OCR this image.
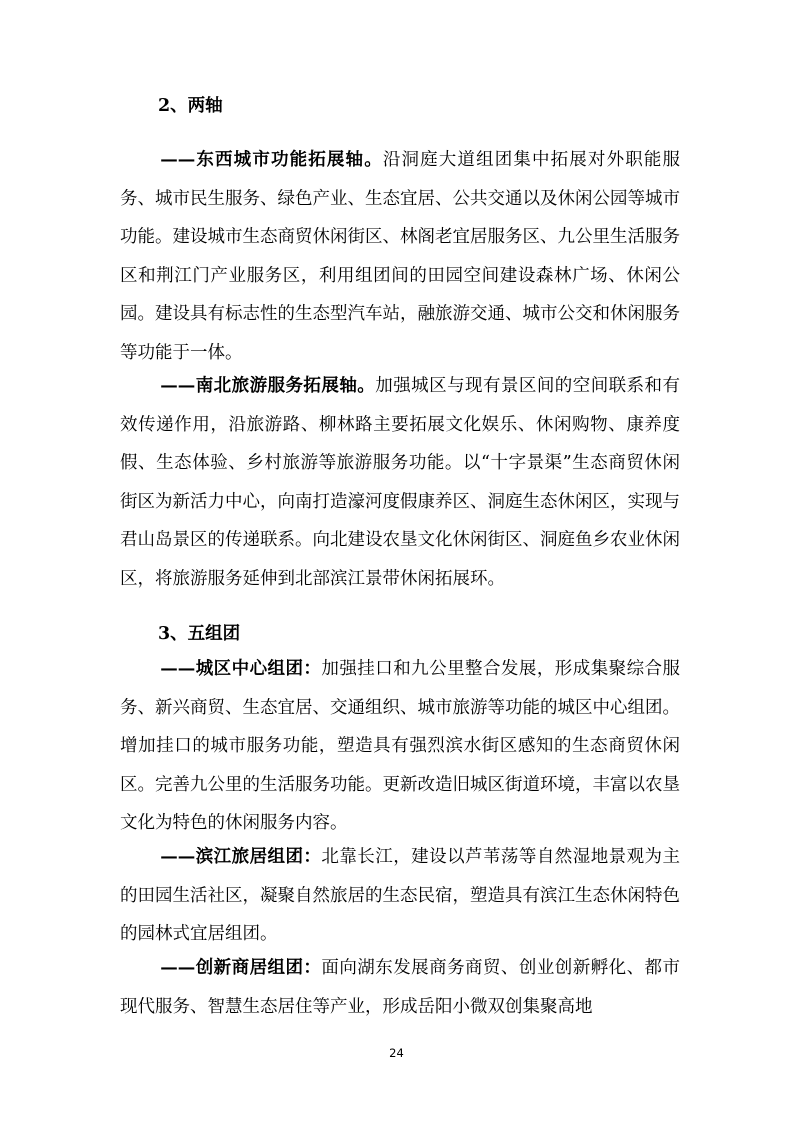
2、两轴

——东西城市功能拓展轴。沿洞庭大道组团集中拓展对外职能服务、城市民生服务、绿色产业、生态宜居、公共交通以及休闲公园等城市功能。建设城市生态商贸休闲街区、林阁老宜居服务区、九公里生活服务区和荆江门产业服务区，利用组团间的田园空间建设森林广场、休闲公园。建设具有标志性的生态型汽车站，融旅游交通、城市公交和休闲服务等功能于一体。

——南北旅游服务拓展轴。加强城区与现有景区间的空间联系和有效传递作用，沿旅游路、柳林路主要拓展文化娱乐、休闲购物、康养度假、生态体验、乡村旅游等旅游服务功能。以“十字景渠”生态商贸休闲街区为新活力中心，向南打造濠河度假康养区、洞庭生态休闲区，实现与君山岛景区的传递联系。向北建设农垦文化休闲街区、洞庭鱼乡农业休闲区，将旅游服务延伸到北部滨江景带休闲拓展环。

3、五组团

——城区中心组团：加强挂口和九公里整合发展，形成集聚综合服务、新兴商贸、生态宜居、交通组织、城市旅游等功能的城区中心组团。增加挂口的城市服务功能，塑造具有强烈滨水街区感知的生态商贸休闲区。完善九公里的生活服务功能。更新改造旧城区街道环境，丰富以农垦文化为特色的休闲服务内容。

——滨江旅居组团：北靠长江，建设以芦苇荡等自然湿地景观为主的田园生活社区，凝聚自然旅居的生态民宿，塑造具有滨江生态休闲特色的园林式宜居组团。

——创新商居组团：面向湖东发展商务商贸、创业创新孵化、都市现代服务、智慧生态居住等产业，形成岳阳小微双创集聚高地

24
